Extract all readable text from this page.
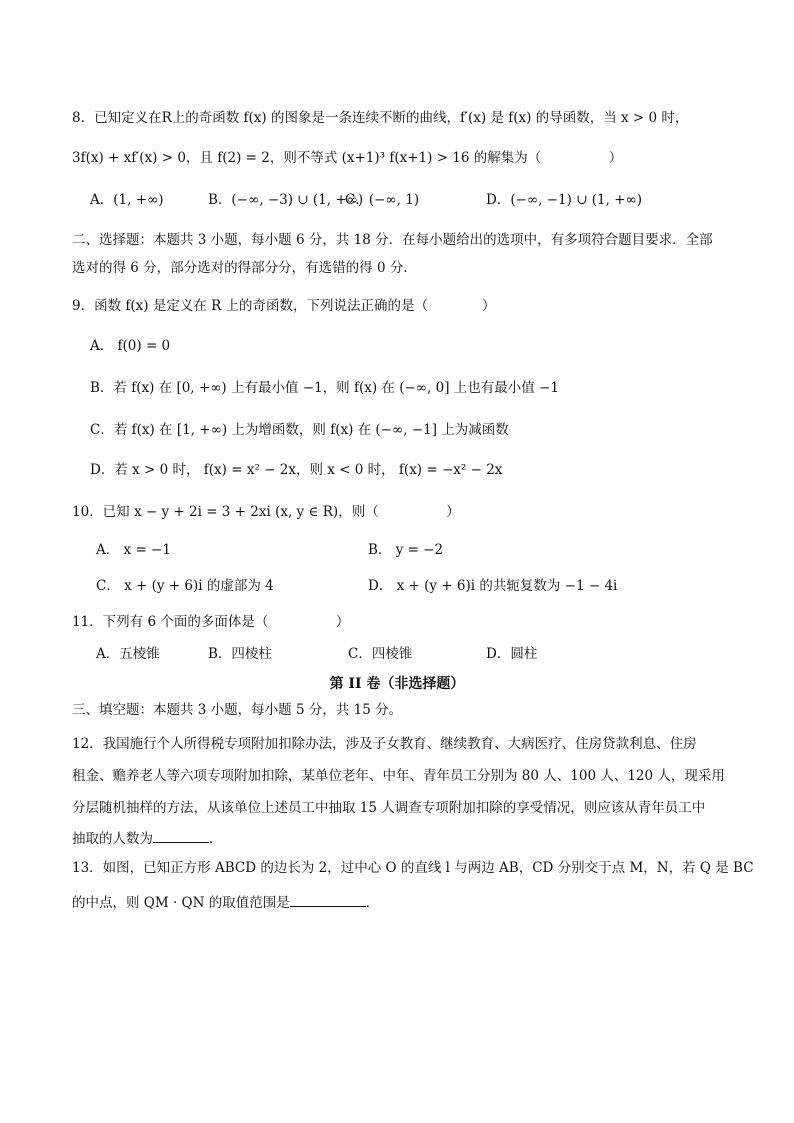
8．已知定义在R上的奇函数 f(x) 的图象是一条连续不断的曲线，f′(x) 是 f(x) 的导函数，当 x > 0 时，
3f(x) + xf′(x) > 0，且 f(2) = 2，则不等式 (x+1)³ f(x+1) > 16 的解集为（　　　　　）
A．(1, +∞)	B．(−∞, −3) ∪ (1, +∞)
C．(−∞, 1)	D．(−∞, −1) ∪ (1, +∞)
二、选择题：本题共 3 小题，每小题 6 分，共 18 分．在每小题给出的选项中，有多项符合题目要求．全部
选对的得 6 分，部分选对的得部分分，有选错的得 0 分．
9．函数 f(x) 是定义在 R 上的奇函数，下列说法正确的是（　　　　）
A． f(0) = 0
B．若 f(x) 在 [0, +∞) 上有最小值 −1，则 f(x) 在 (−∞, 0] 上也有最小值 −1
C．若 f(x) 在 [1, +∞) 上为增函数，则 f(x) 在 (−∞, −1] 上为减函数
D．若 x > 0 时， f(x) = x² − 2x，则 x < 0 时， f(x) = −x² − 2x
10．已知 x − y + 2i = 3 + 2xi (x, y ∈ R)，则（　　　　　）
A． x = −1	B． y = −2
C． x + (y + 6)i 的虚部为 4	D． x + (y + 6)i 的共轭复数为 −1 − 4i
11．下列有 6 个面的多面体是（　　　　　）
A．五棱锥	B．四棱柱	C．四棱锥	D．圆柱
第 II 卷（非选择题）
三、填空题：本题共 3 小题，每小题 5 分，共 15 分。
12．我国施行个人所得税专项附加扣除办法，涉及子女教育、继续教育、大病医疗、住房贷款利息、住房
租金、赡养老人等六项专项附加扣除，某单位老年、中年、青年员工分别为 80 人、100 人、120 人，现采用
分层随机抽样的方法，从该单位上述员工中抽取 15 人调查专项附加扣除的享受情况，则应该从青年员工中
抽取的人数为	．
13．如图，已知正方形 ABCD 的边长为 2，过中心 O 的直线 l 与两边 AB，CD 分别交于点 M，N，若 Q 是 BC
的中点，则 QM · QN 的取值范围是	．
